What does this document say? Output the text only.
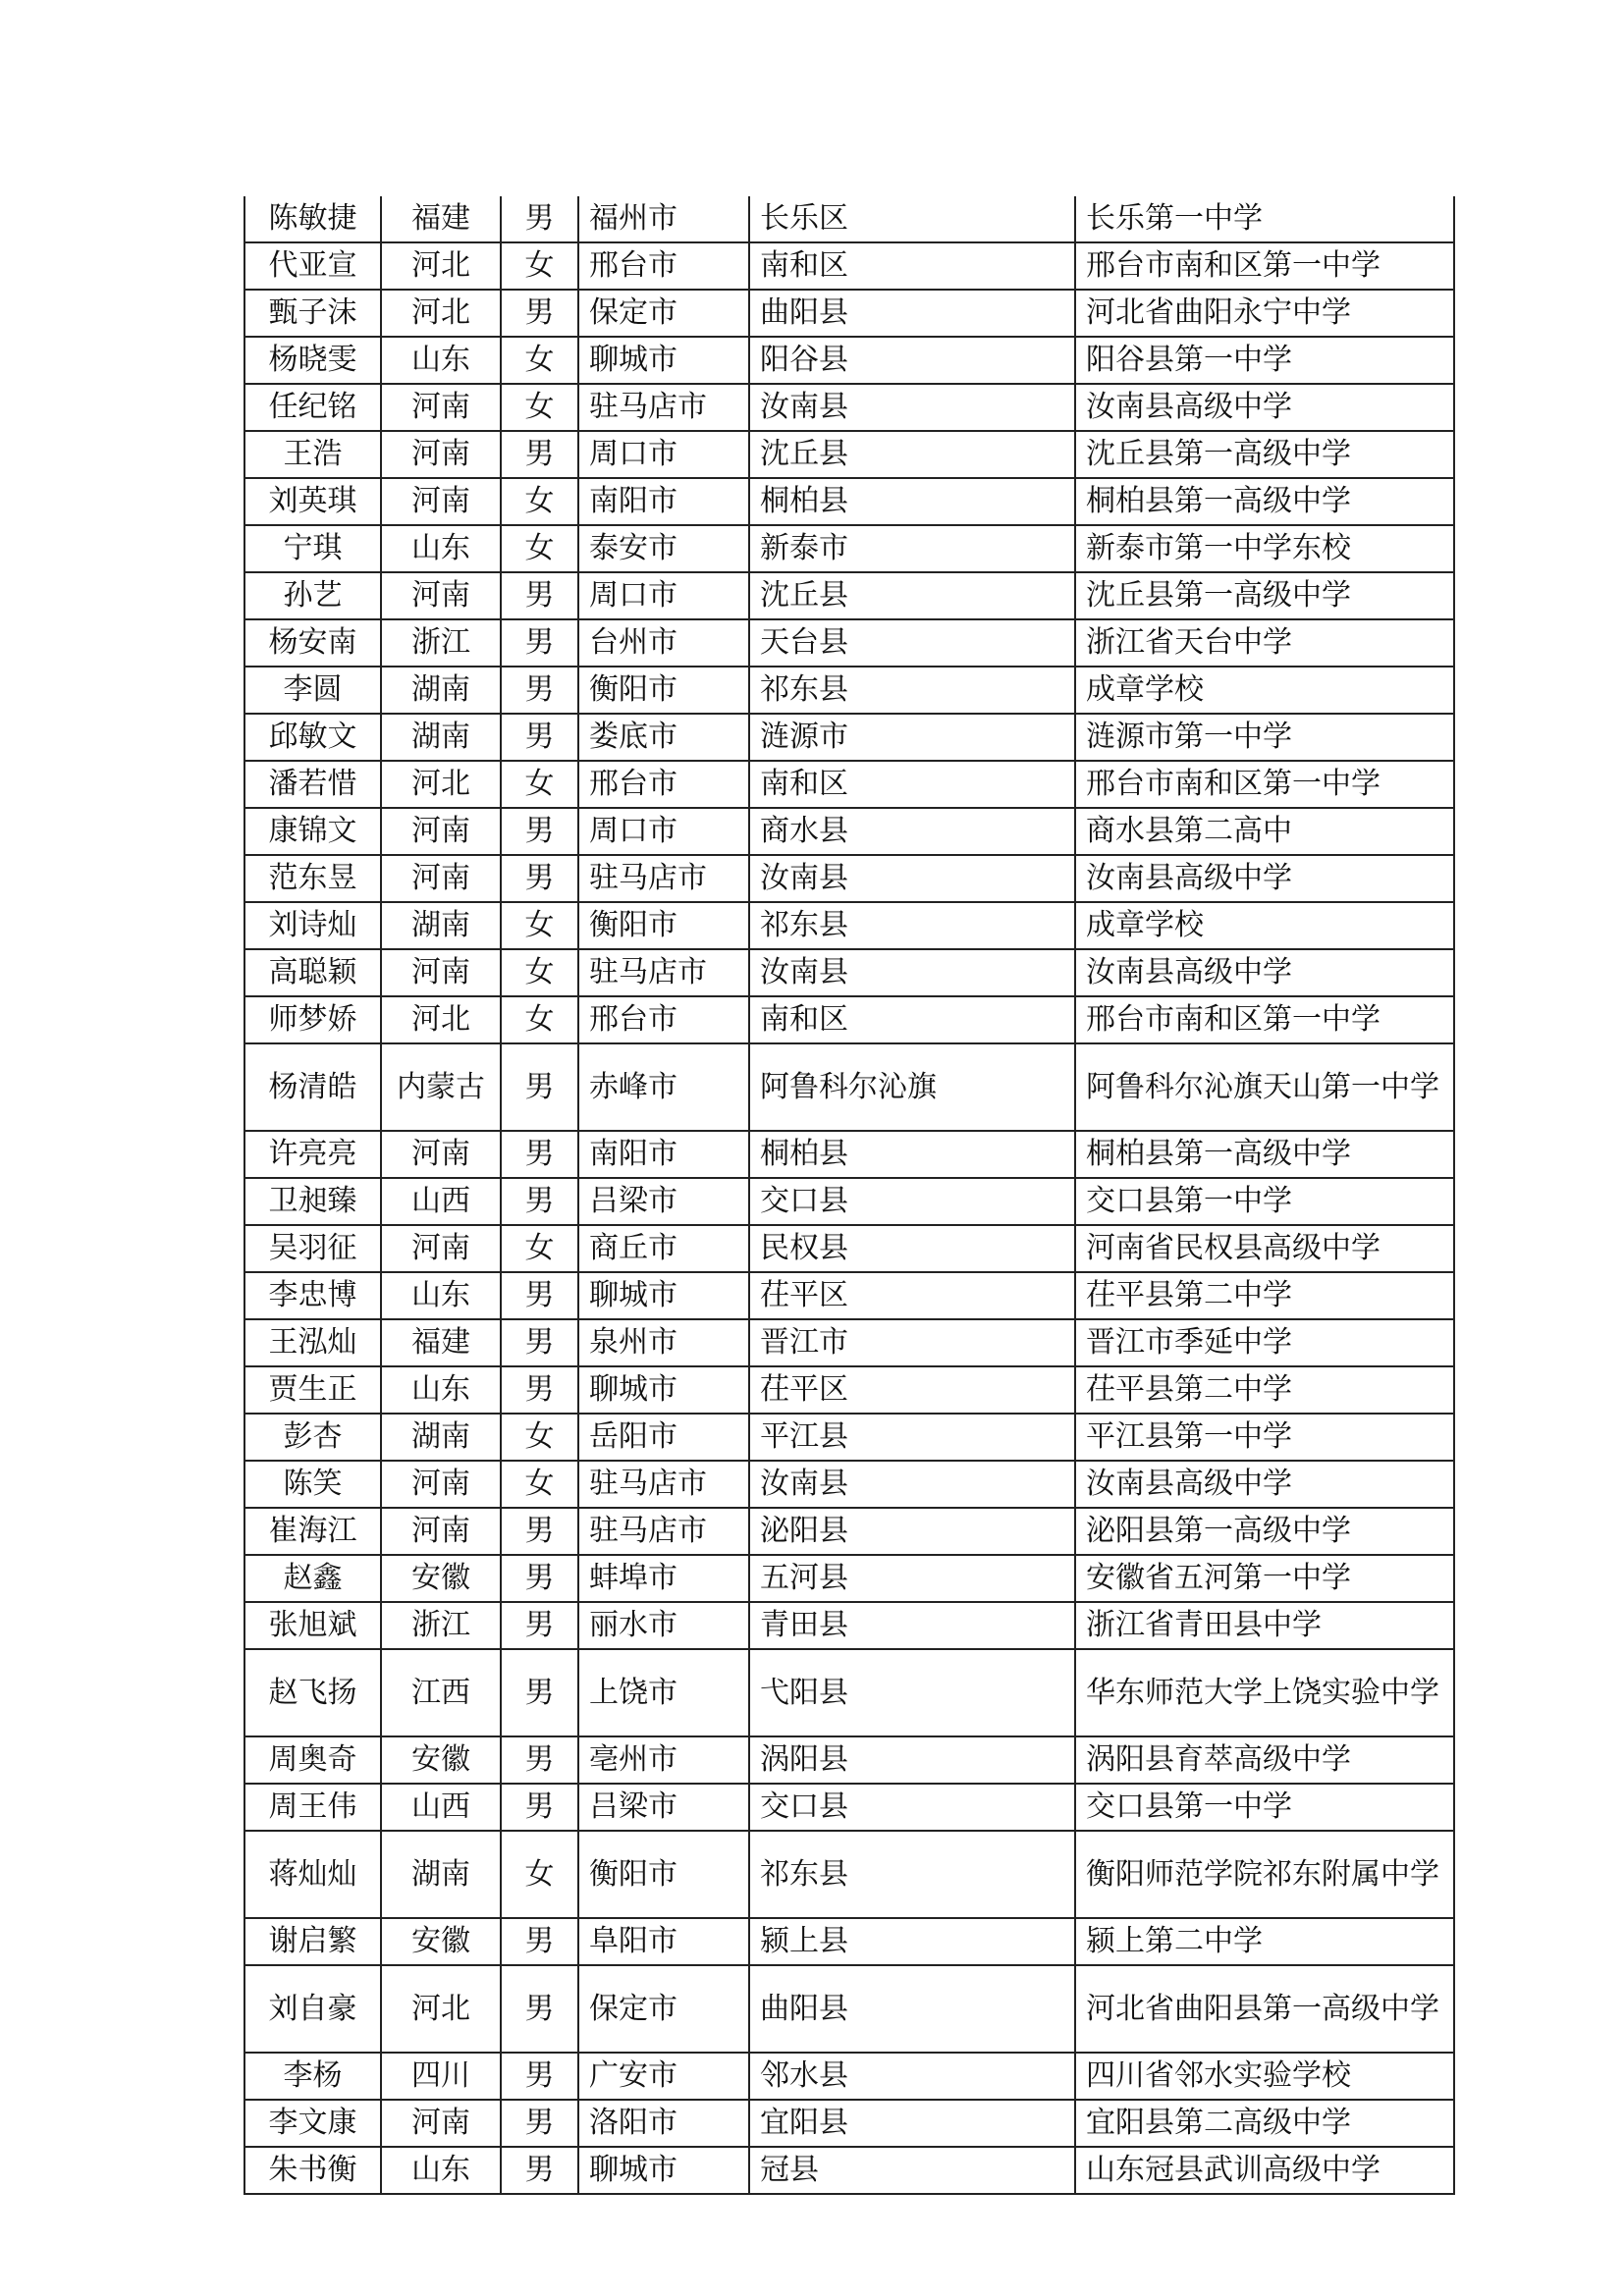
陈敏捷	福建	男	福州市	长乐区	长乐第一中学
代亚宣	河北	女	邢台市	南和区	邢台市南和区第一中学
甄子沫	河北	男	保定市	曲阳县	河北省曲阳永宁中学
杨晓雯	山东	女	聊城市	阳谷县	阳谷县第一中学
任纪铭	河南	女	驻马店市	汝南县	汝南县高级中学
王浩	河南	男	周口市	沈丘县	沈丘县第一高级中学
刘英琪	河南	女	南阳市	桐柏县	桐柏县第一高级中学
宁琪	山东	女	泰安市	新泰市	新泰市第一中学东校
孙艺	河南	男	周口市	沈丘县	沈丘县第一高级中学
杨安南	浙江	男	台州市	天台县	浙江省天台中学
李圆	湖南	男	衡阳市	祁东县	成章学校
邱敏文	湖南	男	娄底市	涟源市	涟源市第一中学
潘若惜	河北	女	邢台市	南和区	邢台市南和区第一中学
康锦文	河南	男	周口市	商水县	商水县第二高中
范东昱	河南	男	驻马店市	汝南县	汝南县高级中学
刘诗灿	湖南	女	衡阳市	祁东县	成章学校
高聪颖	河南	女	驻马店市	汝南县	汝南县高级中学
师梦娇	河北	女	邢台市	南和区	邢台市南和区第一中学
杨清皓	内蒙古	男	赤峰市	阿鲁科尔沁旗	阿鲁科尔沁旗天山第一中学
许亮亮	河南	男	南阳市	桐柏县	桐柏县第一高级中学
卫昶臻	山西	男	吕梁市	交口县	交口县第一中学
吴羽征	河南	女	商丘市	民权县	河南省民权县高级中学
李忠博	山东	男	聊城市	茌平区	茌平县第二中学
王泓灿	福建	男	泉州市	晋江市	晋江市季延中学
贾生正	山东	男	聊城市	茌平区	茌平县第二中学
彭杏	湖南	女	岳阳市	平江县	平江县第一中学
陈笑	河南	女	驻马店市	汝南县	汝南县高级中学
崔海江	河南	男	驻马店市	泌阳县	泌阳县第一高级中学
赵鑫	安徽	男	蚌埠市	五河县	安徽省五河第一中学
张旭斌	浙江	男	丽水市	青田县	浙江省青田县中学
赵飞扬	江西	男	上饶市	弋阳县	华东师范大学上饶实验中学
周奥奇	安徽	男	亳州市	涡阳县	涡阳县育萃高级中学
周王伟	山西	男	吕梁市	交口县	交口县第一中学
蒋灿灿	湖南	女	衡阳市	祁东县	衡阳师范学院祁东附属中学
谢启繁	安徽	男	阜阳市	颍上县	颍上第二中学
刘自豪	河北	男	保定市	曲阳县	河北省曲阳县第一高级中学
李杨	四川	男	广安市	邻水县	四川省邻水实验学校
李文康	河南	男	洛阳市	宜阳县	宜阳县第二高级中学
朱书衡	山东	男	聊城市	冠县	山东冠县武训高级中学
